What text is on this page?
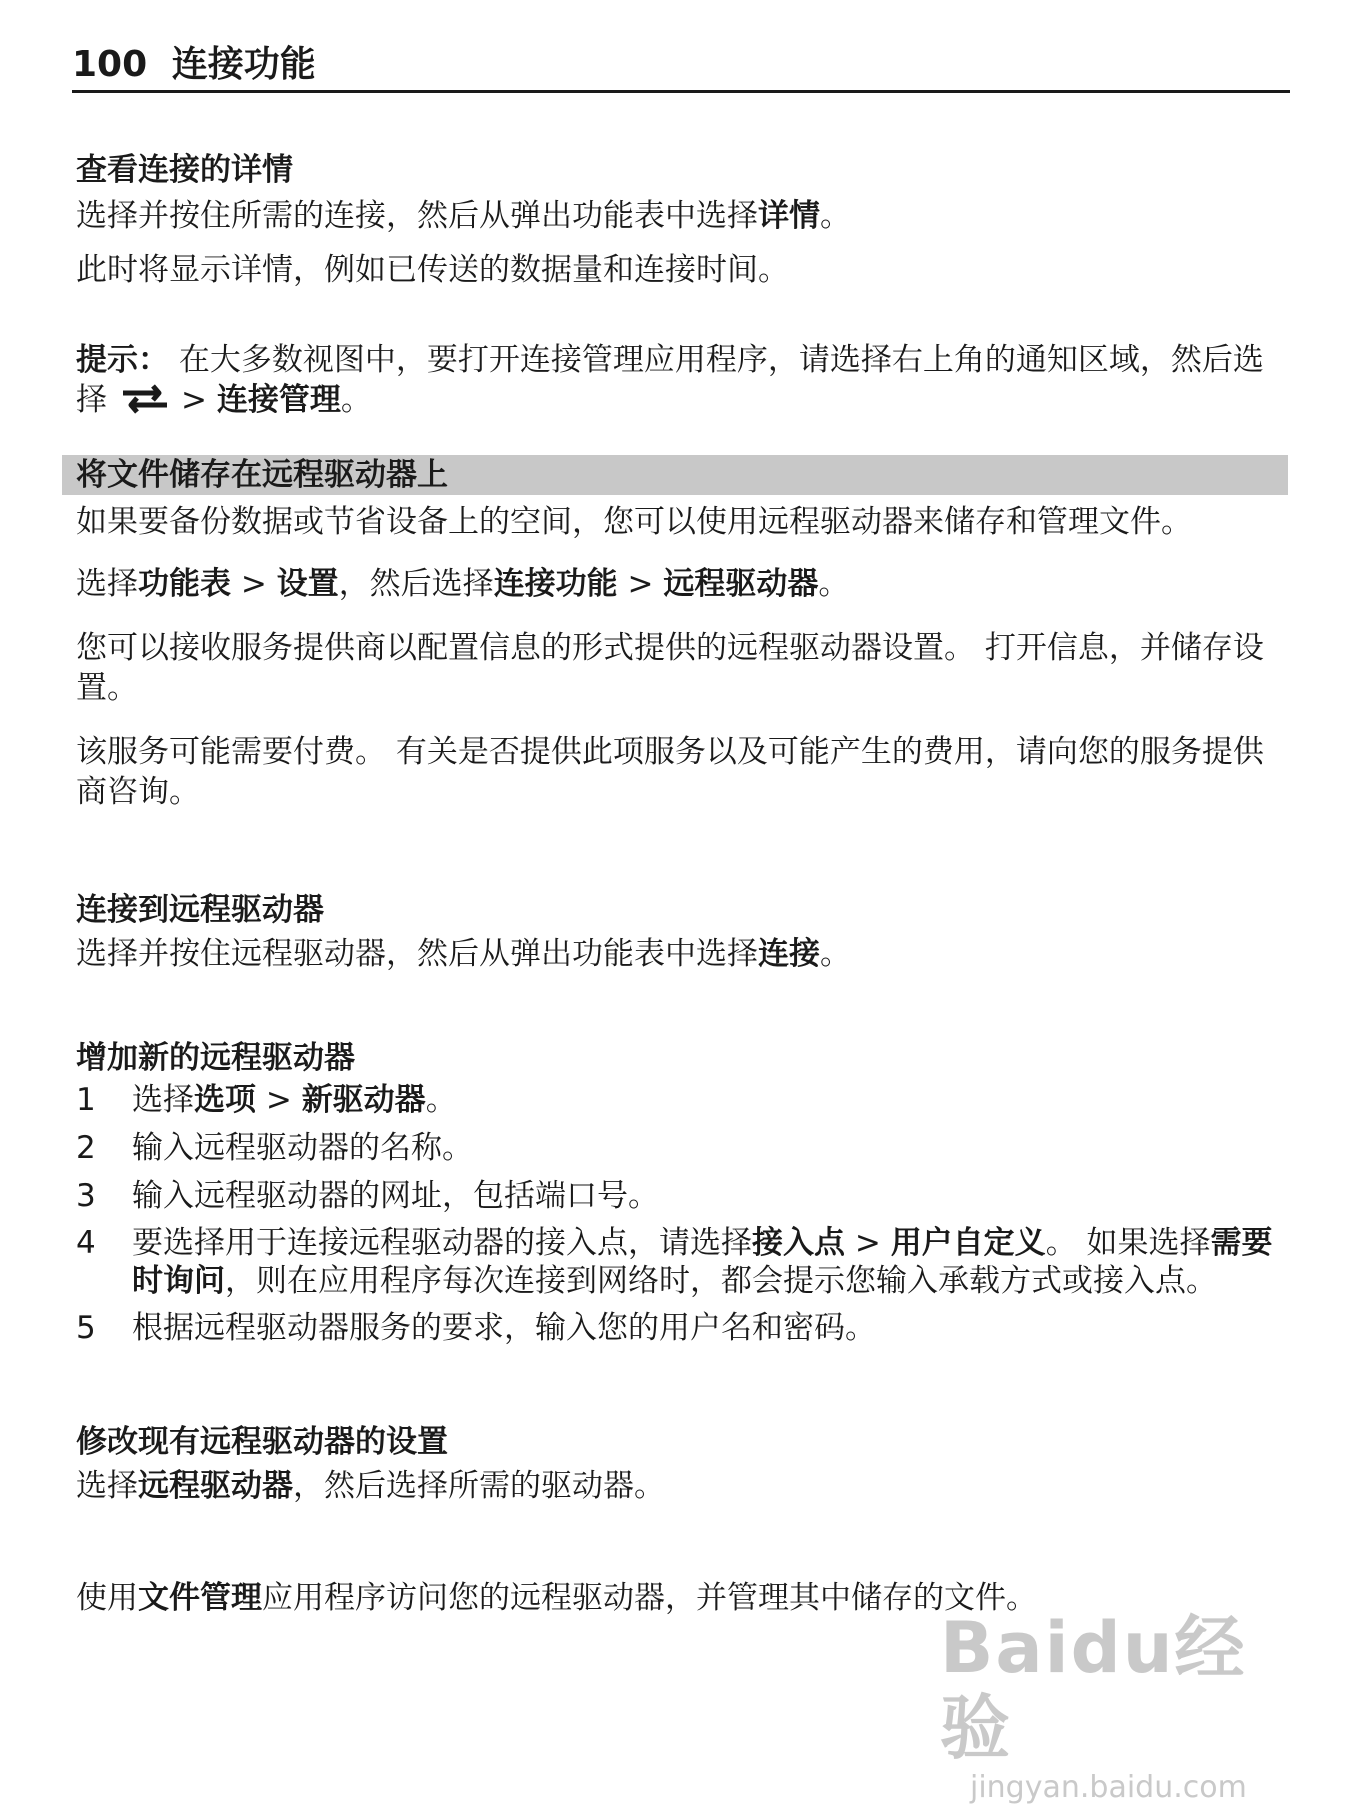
100 连接功能
查看连接的详情

选择并按住所需的连接，然后从弹出功能表中选择详情。

此时将显示详情，例如已传送的数据量和连接时间。

提示： 在大多数视图中，要打开连接管理应用程序，请选择右上角的通知区域，然后选择 > 连接管理。
将文件储存在远程驱动器上

如果要备份数据或节省设备上的空间，您可以使用远程驱动器来储存和管理文件。

选择功能表 > 设置，然后选择连接功能 > 远程驱动器。

您可以接收服务提供商以配置信息的形式提供的远程驱动器设置。 打开信息，并储存设置。

该服务可能需要付费。 有关是否提供此项服务以及可能产生的费用，请向您的服务提供商咨询。

连接到远程驱动器

选择并按住远程驱动器，然后从弹出功能表中选择连接。

增加新的远程驱动器
1 选择选项 > 新驱动器。
2 输入远程驱动器的名称。
3 输入远程驱动器的网址，包括端口号。
4 要选择用于连接远程驱动器的接入点，请选择接入点 > 用户自定义。 如果选择需要时询问，则在应用程序每次连接到网络时，都会提示您输入承载方式或接入点。
5 根据远程驱动器服务的要求，输入您的用户名和密码。
修改现有远程驱动器的设置

选择远程驱动器，然后选择所需的驱动器。

使用文件管理应用程序访问您的远程驱动器，并管理其中储存的文件。

Baidu经验
jingyan.baidu.com
